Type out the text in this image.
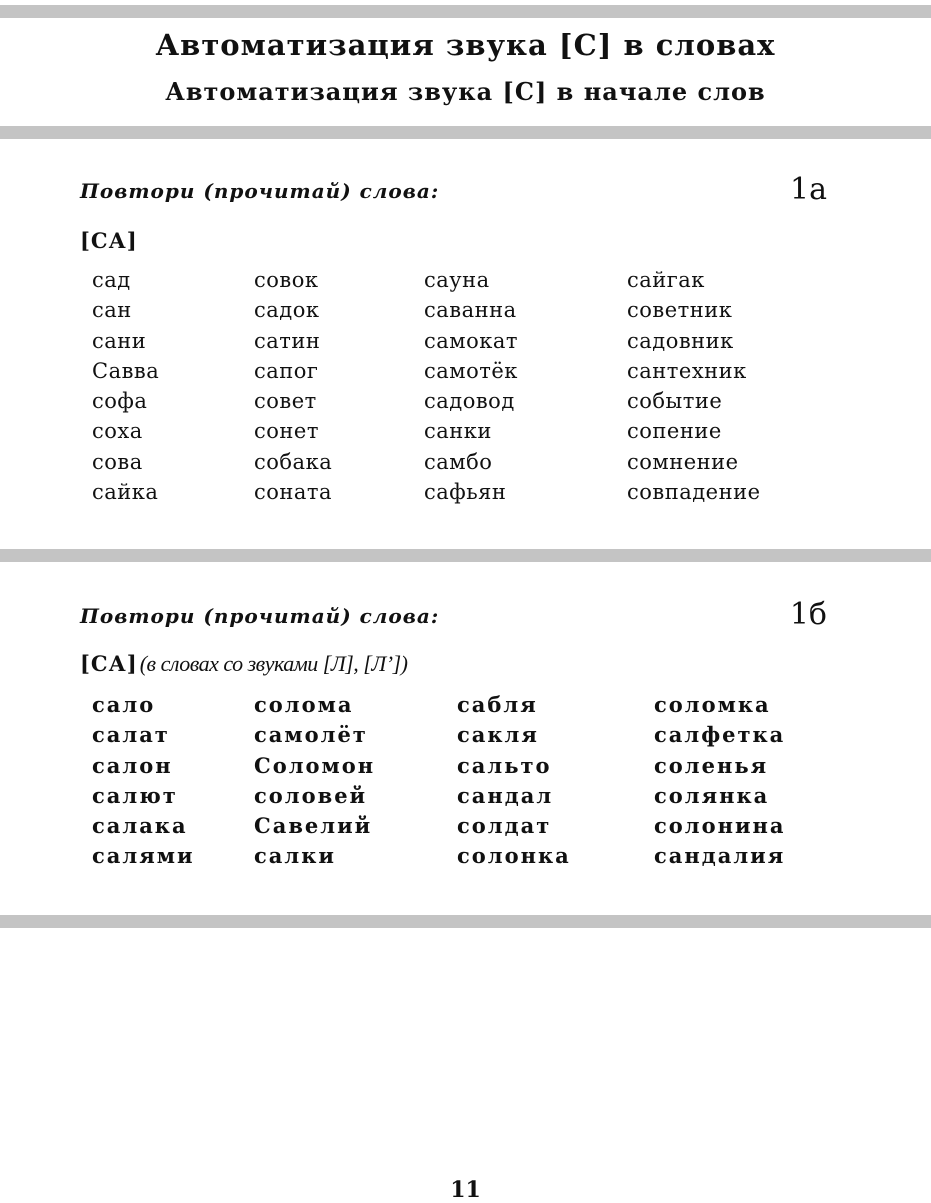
Автоматизация звука [С] в словах
Автоматизация звука [С] в начале слов
Повтори (прочитай) слова:	1а
[СА]
сад
сан
сани
Савва
софа
соха
сова
сайка
совок
садок
сатин
сапог
совет
сонет
собака
соната
сауна
саванна
самокат
самотёк
садовод
санки
самбо
сафьян
сайгак
советник
садовник
сантехник
событие
сопение
сомнение
совпадение
Повтори (прочитай) слова:	1б
[СА](в словах со звуками [Л], [Л’])
сало
салат
салон
салют
салака
салями
солома
самолёт
Соломон
соловей
Савелий
салки
сабля
сакля
сальто
сандал
солдат
солонка
соломка
салфетка
соленья
солянка
солонина
сандалия
11
